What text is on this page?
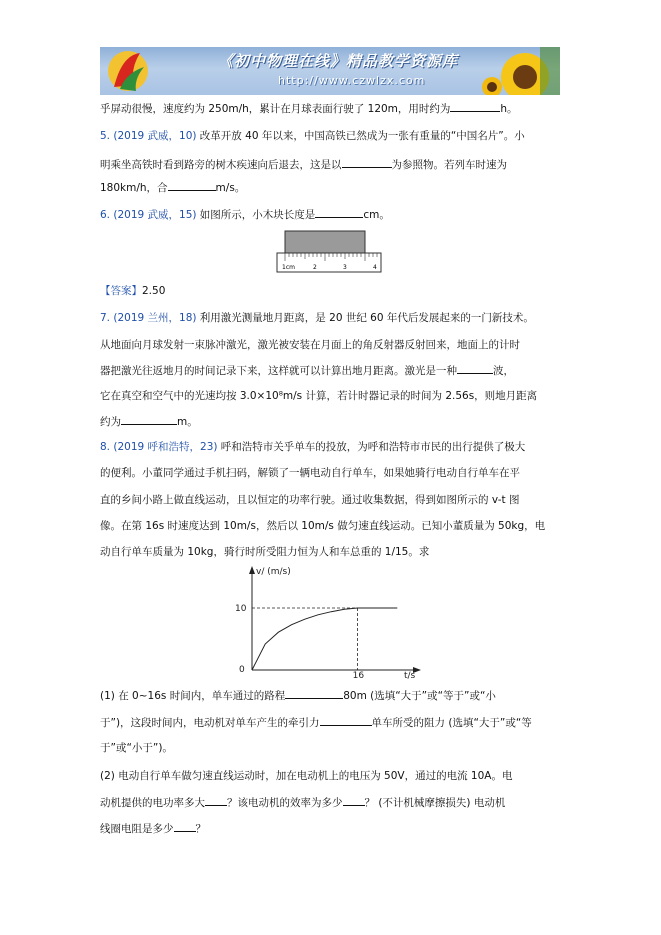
《初中物理在线》精品教学资源库
http://www.czwlzx.com
乎屏动很慢，速度约为 250m/h，累计在月球表面行驶了 120m，用时约为	h。
5. (2019 武威，10) 改革开放 40 年以来，中国高铁已然成为一张有重量的“中国名片”。小
明乘坐高铁时看到路旁的树木疾速向后退去，这是以	为参照物。若列车时速为
180km/h，合	m/s。
6. (2019 武威，15) 如图所示，小木块长度是	cm。
1cm	2	3	4
【答案】2.50
7. (2019 兰州，18) 利用激光测量地月距离，是 20 世纪 60 年代后发展起来的一门新技术。
从地面向月球发射一束脉冲激光，激光被安装在月面上的角反射器反射回来，地面上的计时
器把激光往返地月的时间记录下来，这样就可以计算出地月距离。激光是一种	波，
它在真空和空气中的光速均按 3.0×10⁸m/s 计算，若计时器记录的时间为 2.56s，则地月距离
约为	m。
8. (2019 呼和浩特，23) 呼和浩特市关乎单车的投放，为呼和浩特市市民的出行提供了极大
的便利。小董同学通过手机扫码，解锁了一辆电动自行单车，如果她骑行电动自行单车在平
直的乡间小路上做直线运动，且以恒定的功率行驶。通过收集数据，得到如图所示的 v-t 图
像。在第 16s 时速度达到 10m/s，然后以 10m/s 做匀速直线运动。已知小董质量为 50kg，电
动自行单车质量为 10kg，骑行时所受阻力恒为人和车总重的 1/15。求
v/ (m/s)
t/s
0
16
10
(1) 在 0~16s 时间内，单车通过的路程	80m (选填“大于”或“等于”或“小
于”)，这段时间内，电动机对单车产生的牵引力	单车所受的阻力 (选填“大于”或“等
于”或“小于”)。
(2) 电动自行单车做匀速直线运动时，加在电动机上的电压为 50V，通过的电流 10A。电
动机提供的电功率多大 ？该电动机的效率为多少 ？ (不计机械摩擦损失) 电动机
线圈电阻是多少 ？
